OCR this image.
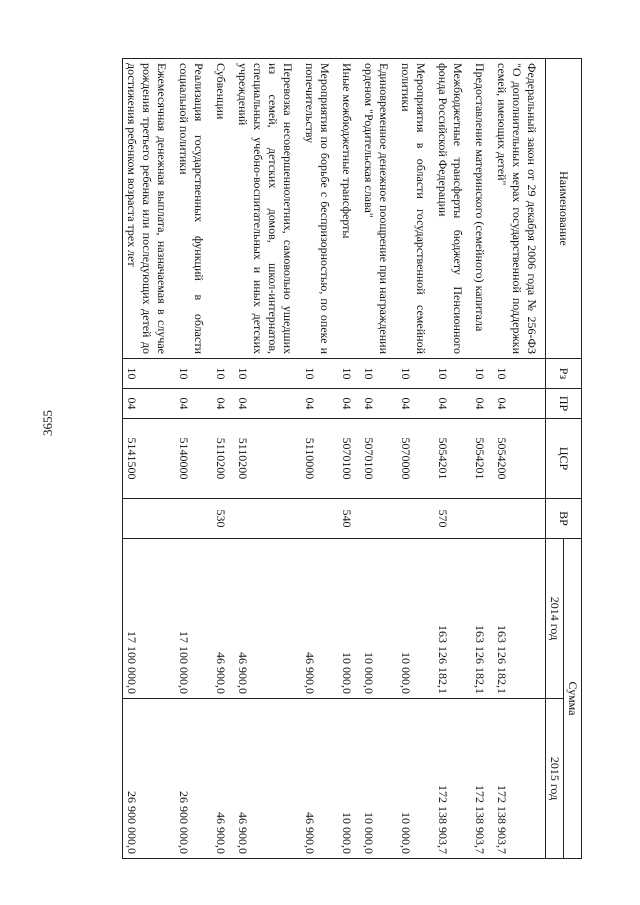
3655
Наименование	Рз	ПР	ЦСР	ВР	Сумма	
					2014 год	2015 год
Федеральный закон от 29 декабря 2006 года № 256-ФЗ "О дополнительных мерах государственной поддержки семей, имеющих детей"	10	04	5054200		163 126 182,1	172 138 903,7
Предоставление материнского (семейного) капитала	10	04	5054201		163 126 182,1	172 138 903,7
Межбюджетные трансферты бюджету Пенсионного фонда Российской Федерации	10	04	5054201	570	163 126 182,1	172 138 903,7
Мероприятия в области государственной семейной политики	10	04	5070000		10 000,0	10 000,0
Единовременное денежное поощрение при награждении орденом "Родительская слава"	10	04	5070100		10 000,0	10 000,0
Иные межбюджетные трансферты	10	04	5070100	540	10 000,0	10 000,0
Мероприятия по борьбе с беспризорностью, по опеке и попечительству	10	04	5110000		46 900,0	46 900,0
Перевозка несовершеннолетних, самовольно ушедших из семей, детских домов, школ-интернатов, специальных учебно-воспитательных и иных детских учреждений	10	04	5110200		46 900,0	46 900,0
Субвенции	10	04	5110200	530	46 900,0	46 900,0
Реализация государственных функций в области социальной политики	10	04	5140000		17 100 000,0	26 900 000,0
Ежемесячная денежная выплата, назначаемая в случае рождения третьего ребенка или последующих детей до достижения ребенком возраста трех лет	10	04	5141500		17 100 000,0	26 900 000,0
